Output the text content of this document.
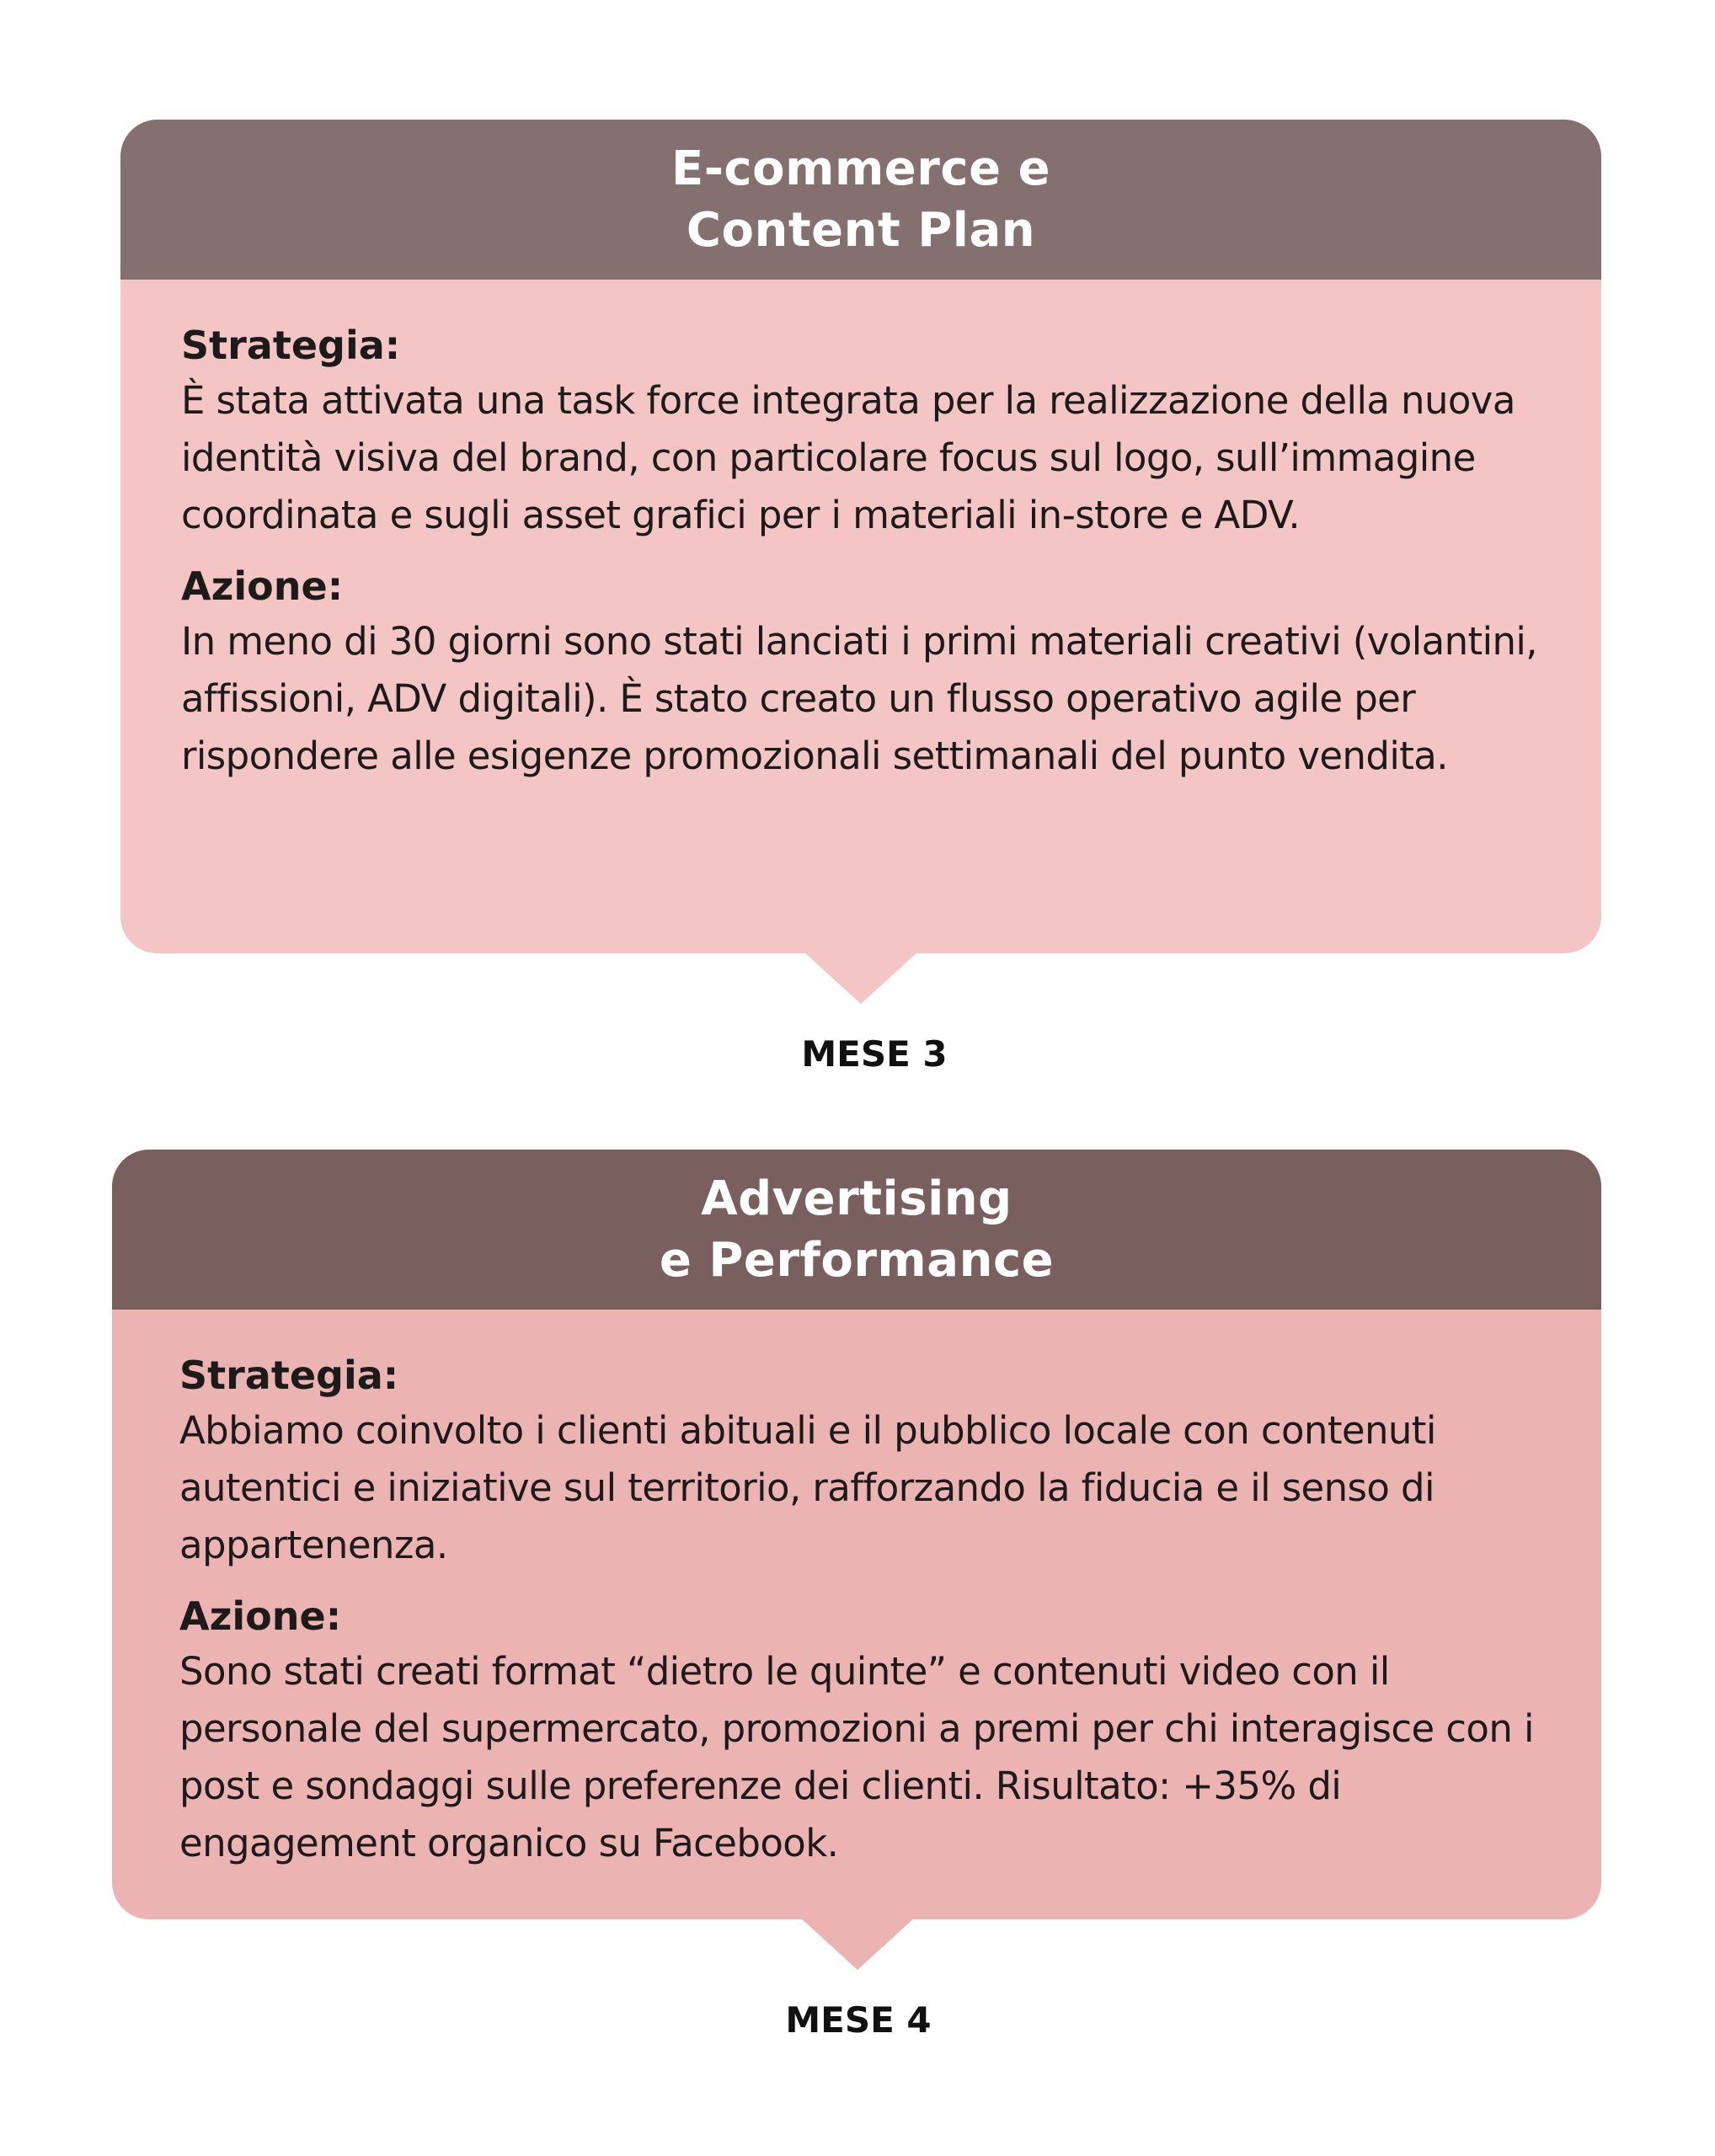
E-commerce e
Content Plan

Strategia:

È stata attivata una task force integrata per la realizzazione della nuova identità visiva del brand, con particolare focus sul logo, sull’immagine coordinata e sugli asset grafici per i materiali in-store e ADV.

Azione:

In meno di 30 giorni sono stati lanciati i primi materiali creativi (volantini, affissioni, ADV digitali). È stato creato un flusso operativo agile per rispondere alle esigenze promozionali settimanali del punto vendita.

MESE 3
Advertising
e Performance

Strategia:

Abbiamo coinvolto i clienti abituali e il pubblico locale con contenuti autentici e iniziative sul territorio, rafforzando la fiducia e il senso di appartenenza.

Azione:

Sono stati creati format “dietro le quinte” e contenuti video con il personale del supermercato, promozioni a premi per chi interagisce con i post e sondaggi sulle preferenze dei clienti. Risultato: +35% di engagement organico su Facebook.

MESE 4
